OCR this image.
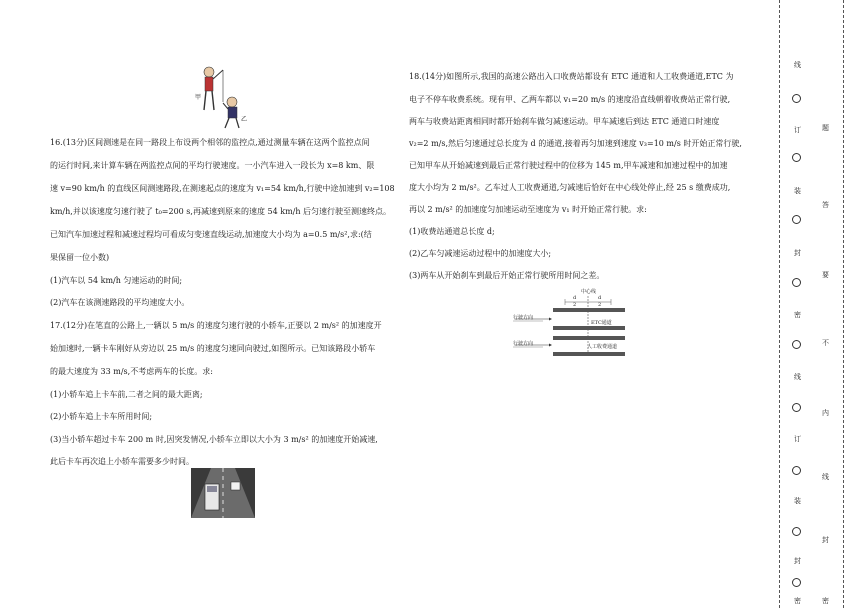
甲
乙
16.(13分)区间测速是在同一路段上布设两个相邻的监控点,通过测量车辆在这两个监控点间
的运行时间,来计算车辆在两监控点间的平均行驶速度。一小汽车进入一段长为 x=8 km、限
速 v=90 km/h 的直线区间测速路段,在测速起点的速度为 v₁=54 km/h,行驶中途加速到 v₂=108
km/h,并以该速度匀速行驶了 t₀=200 s,再减速到原来的速度 54 km/h 后匀速行驶至测速终点。
已知汽车加速过程和减速过程均可看成匀变速直线运动,加速度大小均为 a=0.5 m/s²,求:(结
果保留一位小数)
(1)汽车以 54 km/h 匀速运动的时间;
(2)汽车在该测速路段的平均速度大小。
17.(12分)在笔直的公路上,一辆以 5 m/s 的速度匀速行驶的小轿车,正要以 2 m/s² 的加速度开
始加速时,一辆卡车刚好从旁边以 25 m/s 的速度匀速同向驶过,如图所示。已知该路段小轿车
的最大速度为 33 m/s,不考虑两车的长度。求:
(1)小轿车追上卡车前,二者之间的最大距离;
(2)小轿车追上卡车所用时间;
(3)当小轿车超过卡车 200 m 时,因突发情况,小轿车立即以大小为 3 m/s² 的加速度开始减速,
此后卡车再次追上小轿车需要多少时间。
18.(14分)如图所示,我国的高速公路出入口收费站都设有 ETC 通道和人工收费通道,ETC 为
电子不停车收费系统。现有甲、乙两车都以 v₁=20 m/s 的速度沿直线朝着收费站正常行驶,
两车与收费站距离相同时都开始刹车做匀减速运动。甲车减速后到达 ETC 通道口时速度
v₂=2 m/s,然后匀速通过总长度为 d 的通道,接着再匀加速到速度 v₃=10 m/s 时开始正常行驶,
已知甲车从开始减速到最后正常行驶过程中的位移为 145 m,甲车减速和加速过程中的加速
度大小均为 2 m/s²。乙车过人工收费通道,匀减速后恰好在中心线处停止,经 25 s 缴费成功,
再以 2 m/s² 的加速度匀加速运动至速度为 v₁ 时开始正常行驶。求:
(1)收费站通道总长度 d;
(2)乙车匀减速运动过程中的加速度大小;
(3)两车从开始刹车到最后开始正常行驶所用时间之差。
中心线
d
2
d
2
行驶方向
ETC通道
行驶方向	人工收费通道
线
订
装
封
密
线
订
装
封
密
题
答
要
不
内
线
封
密
